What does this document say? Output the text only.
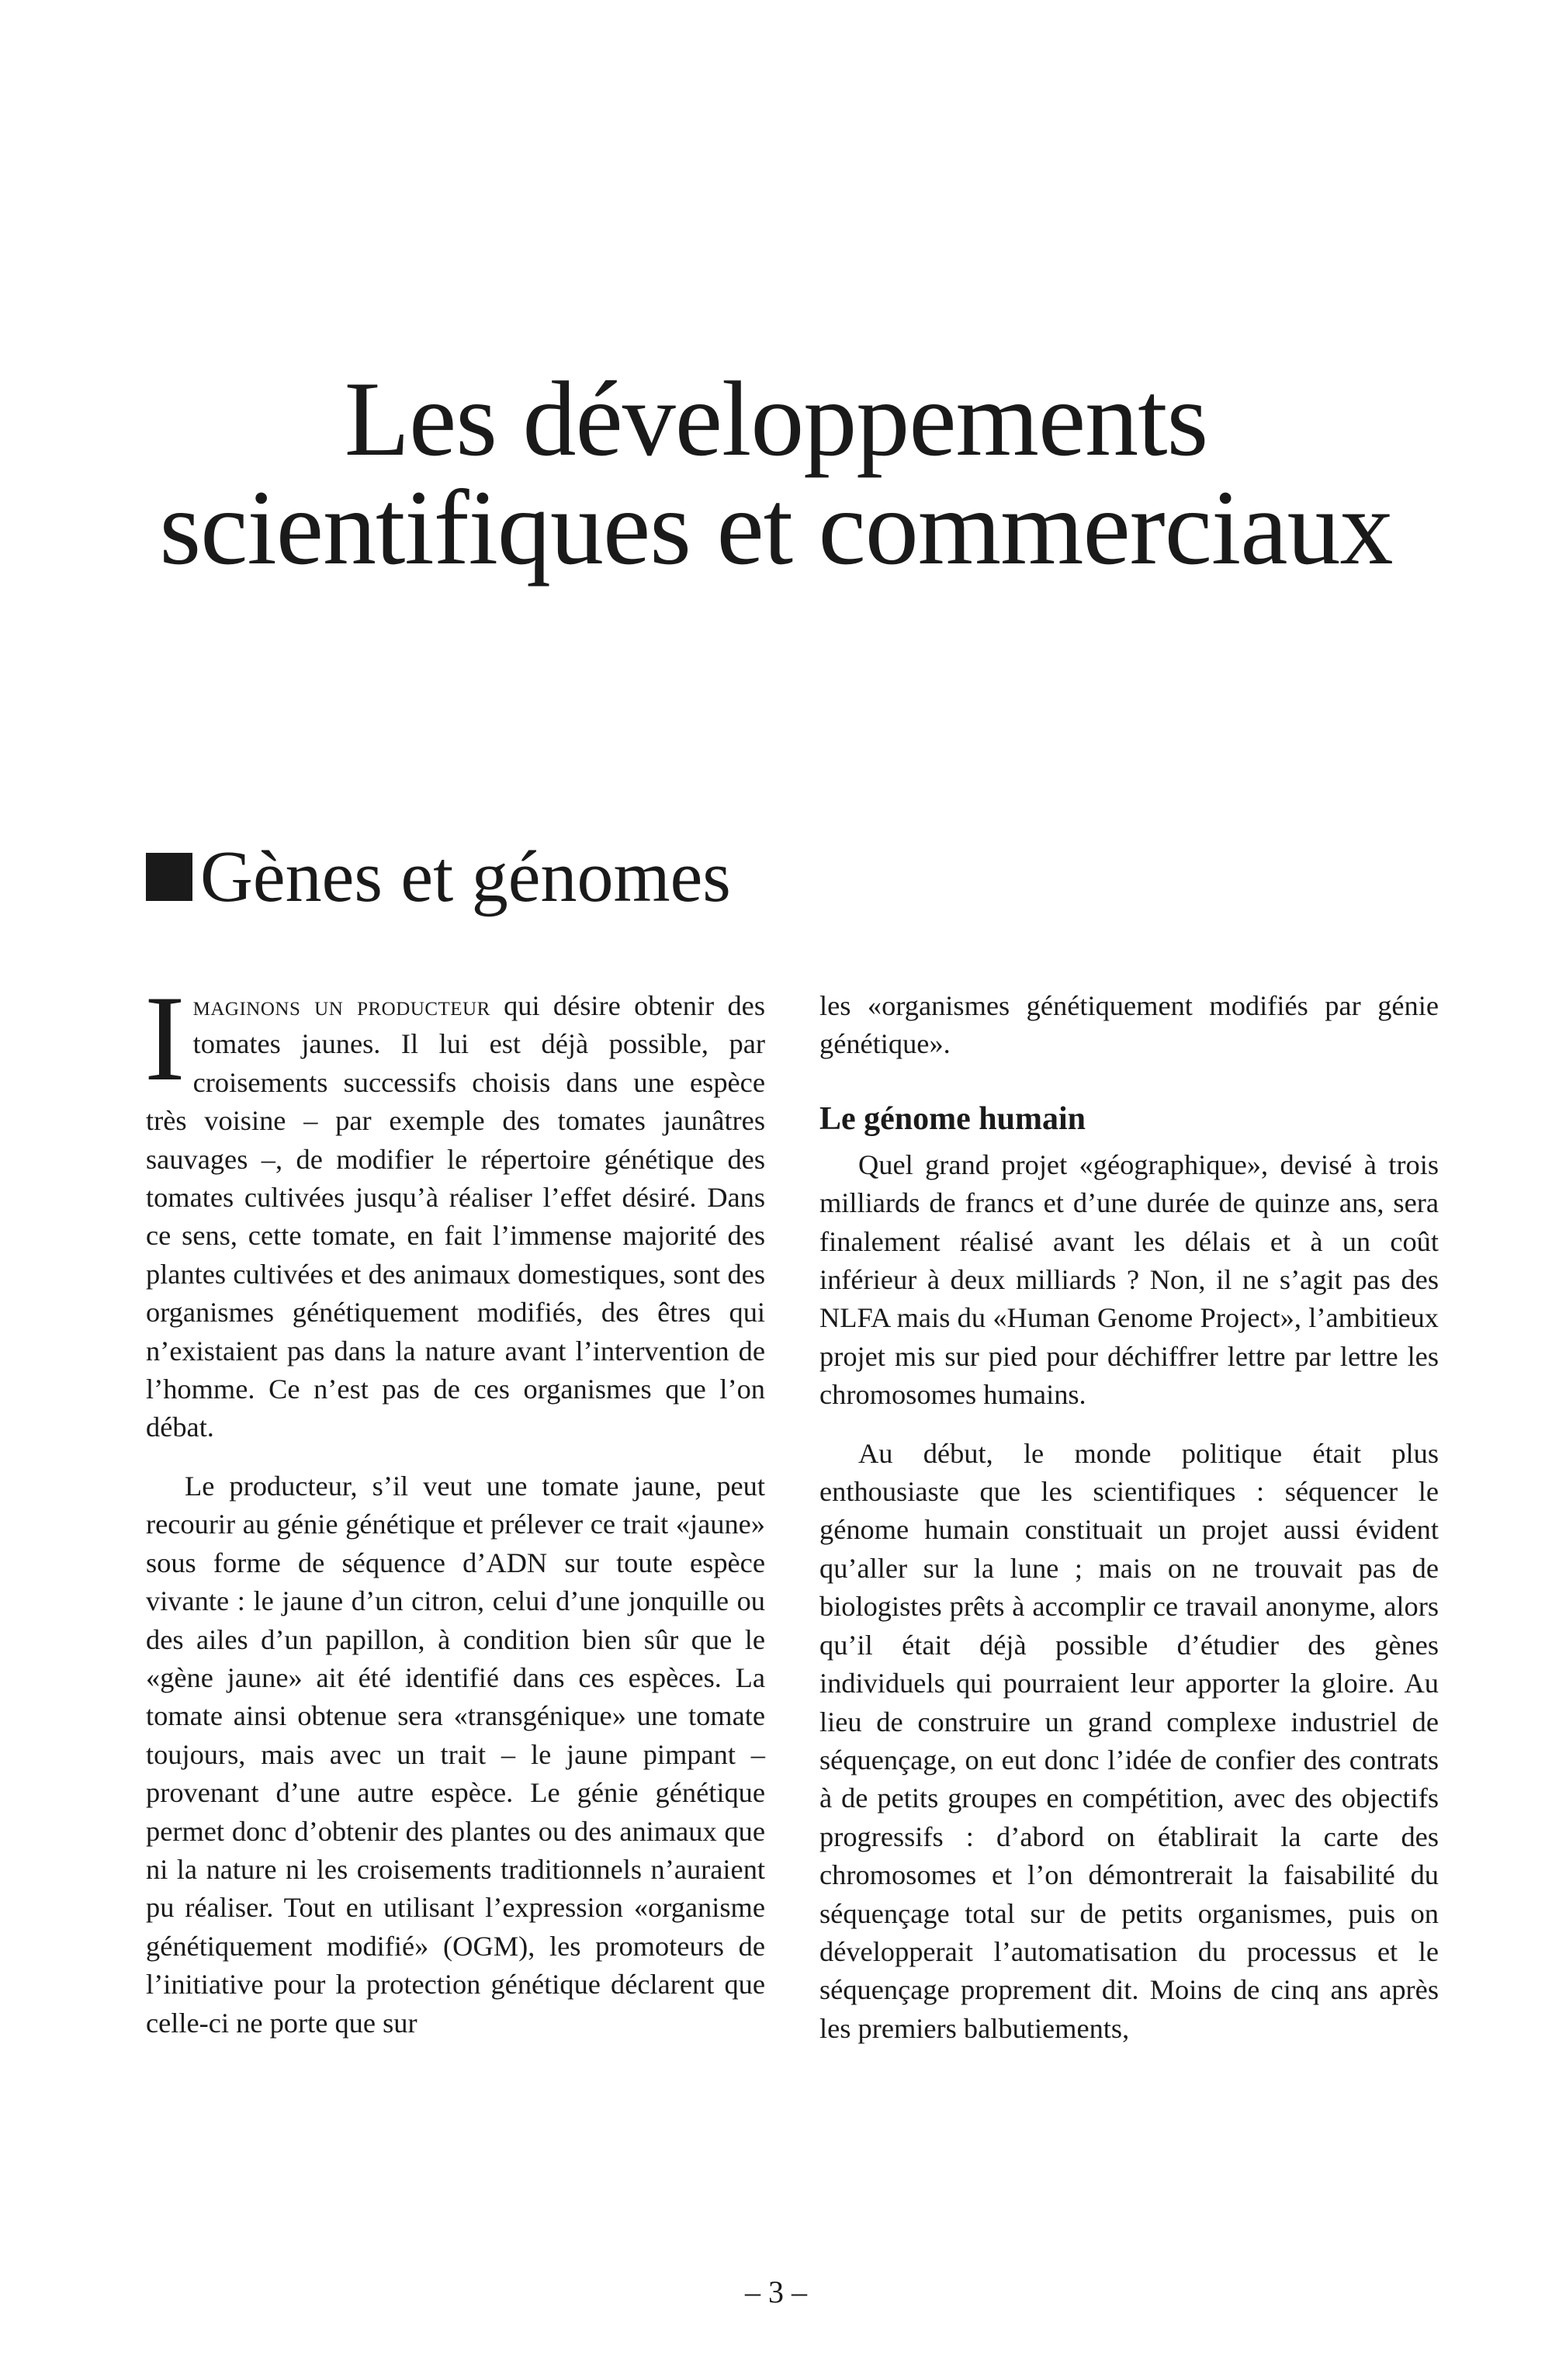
Les développements
scientifiques et commerciaux
Gènes et génomes

Imaginons un producteur qui désire obtenir des tomates jaunes. Il lui est déjà possible, par croisements successifs choisis dans une espèce très voisine – par exemple des tomates jaunâtres sauvages –, de modifier le répertoire génétique des tomates cultivées jusqu’à réaliser l’effet désiré. Dans ce sens, cette tomate, en fait l’immense majorité des plantes cultivées et des animaux domestiques, sont des organismes génétiquement modifiés, des êtres qui n’existaient pas dans la nature avant l’intervention de l’homme. Ce n’est pas de ces organismes que l’on débat.

Le producteur, s’il veut une tomate jaune, peut recourir au génie génétique et prélever ce trait «jaune» sous forme de séquence d’ADN sur toute espèce vivante : le jaune d’un citron, celui d’une jonquille ou des ailes d’un papillon, à condition bien sûr que le «gène jaune» ait été identifié dans ces espèces. La tomate ainsi obtenue sera «transgénique» une tomate toujours, mais avec un trait – le jaune pimpant – provenant d’une autre espèce. Le génie génétique permet donc d’obtenir des plantes ou des animaux que ni la nature ni les croisements traditionnels n’auraient pu réaliser. Tout en utilisant l’expression «organisme génétiquement modifié» (OGM), les promoteurs de l’initiative pour la protection génétique déclarent que celle-ci ne porte que sur

les «organismes génétiquement modifiés par génie génétique».

Le génome humain

Quel grand projet «géographique», devisé à trois milliards de francs et d’une durée de quinze ans, sera finalement réalisé avant les délais et à un coût inférieur à deux milliards ? Non, il ne s’agit pas des NLFA mais du «Human Genome Project», l’ambitieux projet mis sur pied pour déchiffrer lettre par lettre les chromosomes humains.

Au début, le monde politique était plus enthousiaste que les scientifiques : séquencer le génome humain constituait un projet aussi évident qu’aller sur la lune ; mais on ne trouvait pas de biologistes prêts à accomplir ce travail anonyme, alors qu’il était déjà possible d’étudier des gènes individuels qui pourraient leur apporter la gloire. Au lieu de construire un grand complexe industriel de séquençage, on eut donc l’idée de confier des contrats à de petits groupes en compétition, avec des objectifs progressifs : d’abord on établirait la carte des chromosomes et l’on démontrerait la faisabilité du séquençage total sur de petits organismes, puis on développerait l’automatisation du processus et le séquençage proprement dit. Moins de cinq ans après les premiers balbutiements,

– 3 –
